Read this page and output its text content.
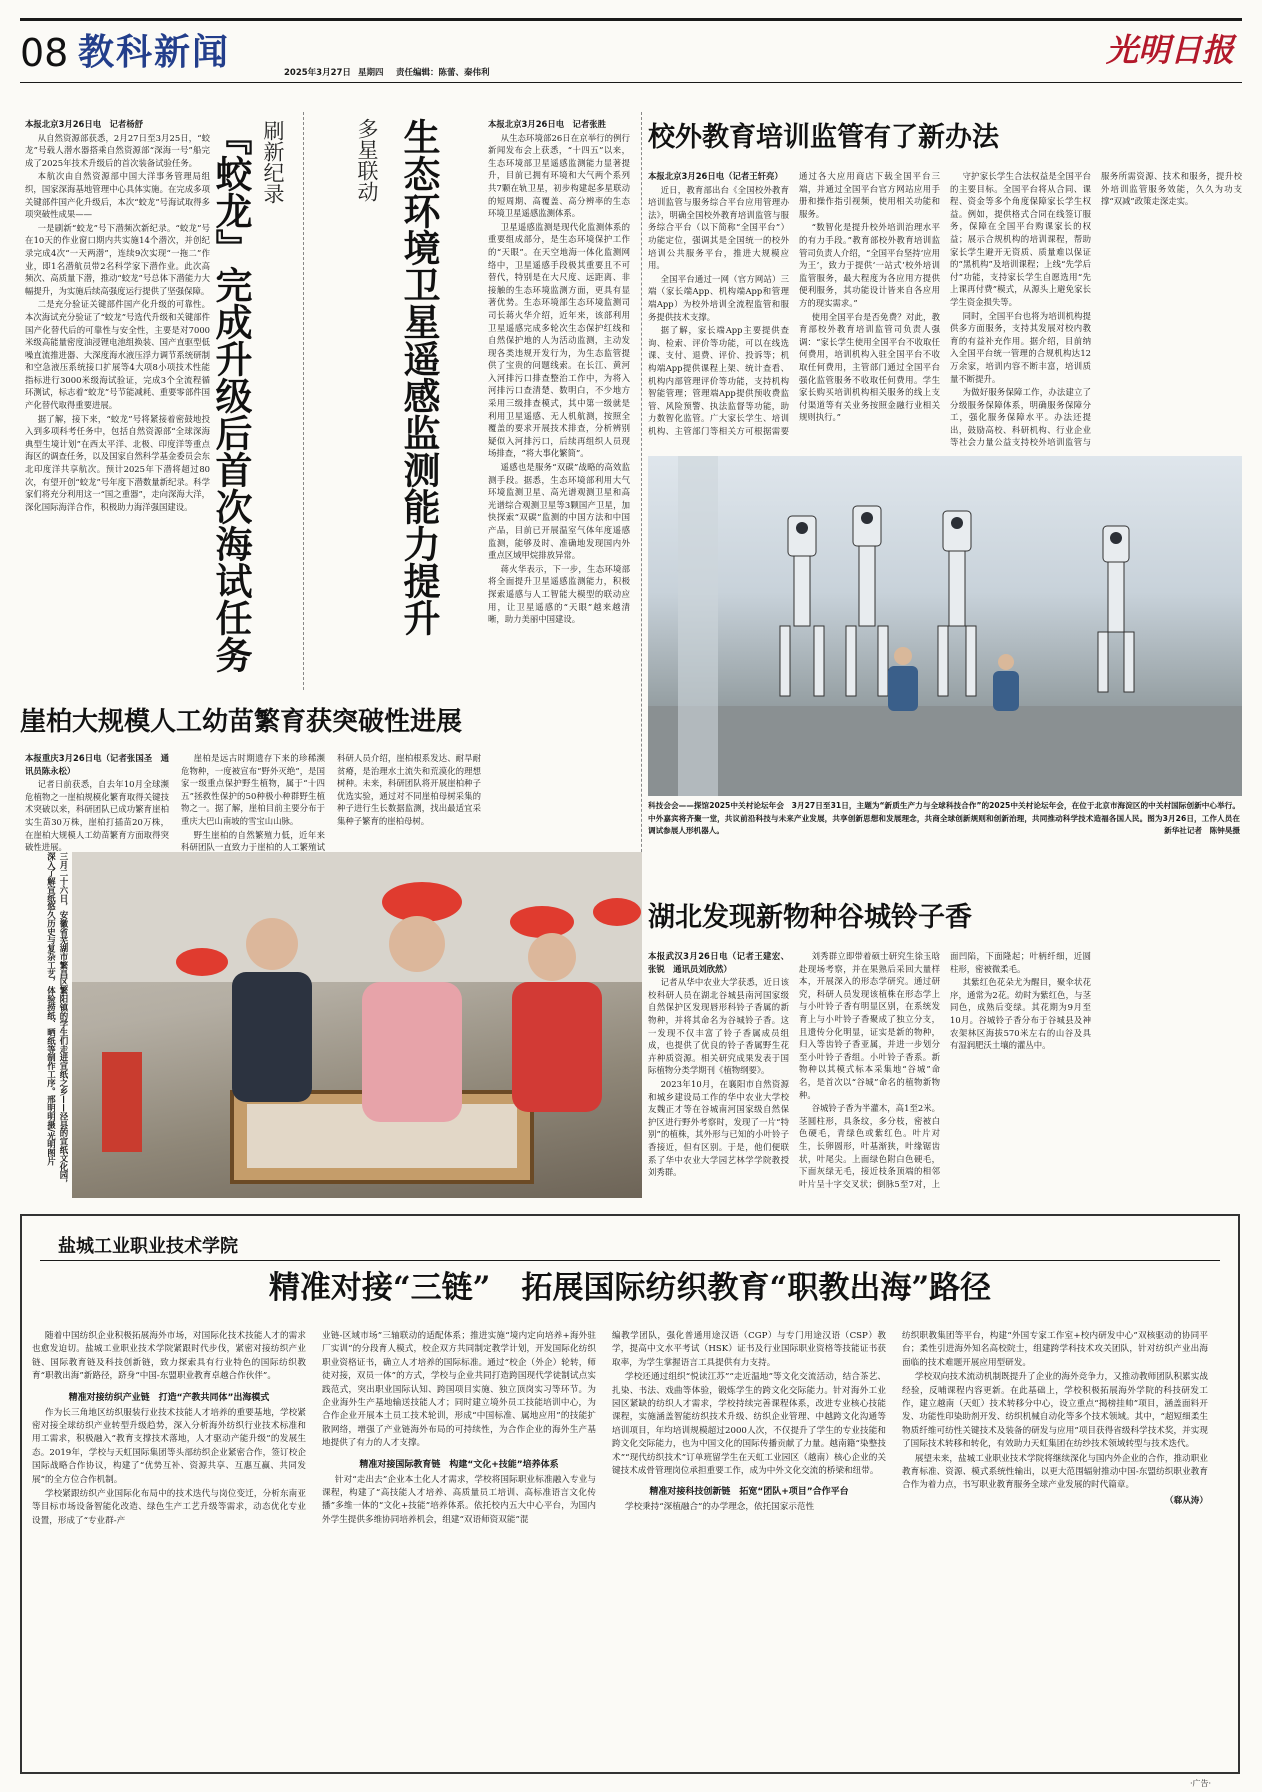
08 教科新闻	2025年3月27日 星期四 责任编辑：陈蕾、秦伟利
光明日报

本报北京3月26日电　记者杨舒

从自然资源部获悉，2月27日至3月25日，“蛟龙”号载人潜水器搭乘自然资源部“深海一号”船完成了2025年技术升级后的首次装备试验任务。

本航次由自然资源部中国大洋事务管理局组织，国家深海基地管理中心具体实施。在完成多项关键部件国产化升级后，本次“蛟龙”号海试取得多项突破性成果——

一是刷新“蛟龙”号下潜频次新纪录。“蛟龙”号在10天的作业窗口期内共实施14个潜次，并创纪录完成4次“一天两潜”，连续9次实现“一拖二”作业，即1名潜航员带2名科学家下潜作业。此次高频次、高质量下潜，推动“蛟龙”号总体下潜能力大幅提升，为实施后续高强度运行提供了坚强保障。

二是充分验证关键部件国产化升级的可靠性。本次海试充分验证了“蛟龙”号选代升级和关键部件国产化替代后的可靠性与安全性，主要是对7000米级高能量密度油浸锂电池组换装、国产直驱型低噪直流推进器、大深度海水液压浮力调节系统研制和空急液压系统接口扩展等4大项8小项技术性能指标进行3000米级海试验证，完成3个全流程循环测试，标志着“蛟龙”号节能减耗、重要零部件国产化替代取得重要进展。

据了解，接下来，“蛟龙”号将紧接着密鼓地投入到多项科考任务中，包括自然资源部“全球深海典型生境计划”在西太平洋、北极、印度洋等重点海区的调查任务，以及国家自然科学基金委员会东北印度洋共享航次。预计2025年下潜将超过80次，有望开创“蛟龙”号年度下潜数量新纪录。科学家们将充分利用这一“国之重器”，走向深海大洋，深化国际海洋合作，积极助力海洋强国建设。

刷新纪录
『蛟龙』完成升级后首次海试任务	多星联动 生态环境卫星遥感监测能力提升	本报北京3月26日电　记者张胜

从生态环境部26日在京举行的例行新闻发布会上获悉，“十四五”以来，生态环境部卫星遥感监测能力显著提升，目前已拥有环境和大气两个系列共7颗在轨卫星，初步构建起多星联动的短周期、高覆盖、高分辨率的生态环境卫星遥感监测体系。

卫星遥感监测是现代化监测体系的重要组成部分，是生态环境保护工作的“天眼”。在天空地海一体化监测网络中，卫星遥感手段极其重要且不可替代，特别是在大尺度、远距离、非接触的生态环境监测方面，更具有显著优势。生态环境部生态环境监测司司长蒋火华介绍，近年来，该部利用卫星遥感完成多轮次生态保护红线和自然保护地的人为活动监测，主动发现各类违规开发行为，为生态监管提供了宝贵的问题线索。在长江、黄河入河排污口排查整治工作中，为将入河排污口查清楚、数明白，不少地方采用三级排查模式，其中第一级就是利用卫星遥感、无人机航测，按照全覆盖的要求开展技术排查，分析辨别疑似入河排污口，后续再组织人员现场排查，“将大事化繁简”。

遥感也是服务“双碳”战略的高效监测手段。据悉，生态环境部利用大气环境监测卫星、高光谱观测卫星和高光谱综合观测卫星等3颗国产卫星，加快探索“双碳”监测的中国方法和中国产品，目前已开展温室气体年度遥感监测，能够及时、准确地发现国内外重点区域甲烷排放异常。

蒋火华表示，下一步，生态环境部将全面提升卫星遥感监测能力，积极探索遥感与人工智能大模型的联动应用，让卫星遥感的“天眼”越来越清晰，助力美丽中国建设。

校外教育培训监管有了新办法

本报北京3月26日电（记者王轩亮）

近日，教育部出台《全国校外教育培训监管与服务综合平台应用管理办法》，明确全国校外教育培训监管与服务综合平台（以下简称“全国平台”）功能定位，强调其是全国统一的校外培训公共服务平台，推进大规模应用。

全国平台通过一网（官方网站）三端（家长端App、机构端App和管理端App）为校外培训全流程监管和服务提供技术支撑。

据了解，家长端App主要提供查询、检索、评价等功能，可以在线选课、支付、退费、评价、投诉等；机构端App提供课程上架、统计查看、机构内部管理评价等功能，支持机构智能管理；管理端App提供预收费监管、风险预警、执法监督等功能，助力数智化监管。广大家长学生、培训机构、主管部门等相关方可根据需要通过各大应用商店下载全国平台三端，并通过全国平台官方网站应用手册和操作指引视频，使用相关功能和服务。

“数智化是提升校外培训治理水平的有力手段。”教育部校外教育培训监管司负责人介绍，“全国平台坚持‘应用为王’，致力于提供‘一站式’校外培训监管服务，最大程度为各应用方提供便利服务，其功能设计皆来自各应用方的现实需求。”

使用全国平台是否免费？对此，教育部校外教育培训监管司负责人强调：“家长学生使用全国平台不收取任何费用，培训机构入驻全国平台不收取任何费用，主管部门通过全国平台强化监管服务不收取任何费用。学生家长购买培训机构相关服务的线上支付渠道等有关业务按照金融行业相关规则执行。”

守护家长学生合法权益是全国平台的主要目标。全国平台将从合同、课程、资金等多个角度保障家长学生权益。例如，提供格式合同在线签订服务，保障在全国平台购课家长的权益；展示合规机构的培训课程，帮助家长学生避开无资质、质量难以保证的“黑机构”及培训课程；上线“先学后付”功能，支持家长学生自愿选用“先上课再付费”模式，从源头上避免家长学生资金损失等。

同时，全国平台也将为培训机构提供多方面服务，支持其发展对校内教育的有益补充作用。据介绍，目前纳入全国平台统一管理的合规机构达12万余家，培训内容不断丰富，培训质量不断提升。

为做好服务保障工作，办法建立了分级服务保障体系，明确服务保障分工，强化服务保障水平。办法还提出，鼓励高校、科研机构、行业企业等社会力量公益支持校外培训监管与服务所需资源、技术和服务，提升校外培训监管服务效能，久久为功支撑“双减”政策走深走实。

科技会会——探馆2025中关村论坛年会　3月27日至31日，主题为“新质生产力与全球科技合作”的2025中关村论坛年会，在位于北京市海淀区的中关村国际创新中心举行。中外嘉宾将齐聚一堂，共议前沿科技与未来产业发展，共享创新思想和发展理念，共商全球创新规则和创新治理，共同推动科学技术造福各国人民。图为3月26日，工作人员在调试参展人形机器人。	新华社记者　陈钟昊摄
崖柏大规模人工幼苗繁育获突破性进展

本报重庆3月26日电（记者张国圣　通讯员陈永松）

记者日前获悉，自去年10月全球濒危植物之一崖柏规模化繁育取得关键技术突破以来，科研团队已成功繁育崖柏实生苗30万株，崖柏打插苗20万株，在崖柏大规模人工幼苗繁育方面取得突破性进展。

崖柏是远古时期遗存下来的珍稀濒危物种，一度被宣布“野外灭绝”，是国家一级重点保护野生植物，属于“十四五”拯救性保护的50种极小种群野生植物之一。据了解，崖柏目前主要分布于重庆大巴山南坡的雪宝山山脉。

野生崖柏的自然繁殖力低，近年来科研团队一直致力于崖柏的人工繁殖试 科研人员介绍，崖柏根系发达、耐旱耐贫瘠，是治理水土流失和荒漠化的理想树种。未来，科研团队将开展崖柏种子优选实验，通过对不同崖柏母树采集的种子进行生长数据监测，找出最适宜采集种子繁育的崖柏母树。

三月二十六日，安徽省芜湖市繁昌区繁阳镇的学生们走进宣纸之乡——泾县的宣纸文化园，深入了解宣纸悠久历史与复杂工艺，体验捞纸、晒纸等制作工序。邢明明摄/光明图片
湖北发现新物种谷城铃子香

本报武汉3月26日电（记者王建宏、张锐　通讯员刘欣然）

记者从华中农业大学获悉，近日该校科研人员在湖北谷城县南河国家级自然保护区发现唇形科铃子香属的新物种，并将其命名为谷城铃子香。这一发现不仅丰富了铃子香属成员组成，也提供了优良的铃子香属野生花卉种质资源。相关研究成果发表于国际植物分类学期刊《植物纲要》。

2023年10月，在襄阳市自然资源和城乡建设局工作的华中农业大学校友魏正才等在谷城南河国家级自然保护区进行野外考察时，发现了一片“特别”的植株，其外形与已知的小叶铃子香接近，但有区别。于是，他们便联系了华中农业大学园艺林学学院教授刘秀群。

刘秀群立即带着硕士研究生徐玉晗赴现场考察，并在果熟后采回大量样本，开展深入的形态学研究。通过研究，科研人员发现该植株在形态学上与小叶铃子香有明显区别，在系统发育上与小叶铃子香聚成了独立分支，且遗传分化明显，证实是新的物种，归入等齿铃子香亚属，并进一步划分至小叶铃子香组。小叶铃子香系。新物种以其模式标本采集地“谷城”命名，是首次以“谷城”命名的植物新物种。

谷城铃子香为半灌木，高1至2米。茎圆柱形，具条纹，多分枝，密被白色硬毛，青绿色或紫红色。叶片对生，长卵圆形，叶基渐狭，叶缘锯齿状，叶尾尖。上面绿色附白色硬毛，下面灰绿无毛，接近枝条顶端的相邻叶片呈十字交叉状；倒脉5至7对，上面凹陷，下面隆起；叶柄纤细，近圆柱形，密被微柔毛。

其紫红色花朵尤为醒目，聚伞状花序，通常为2花。幼时为紫红色，与茎同色，成熟后变绿。其花期为9月至10月。谷城铃子香分布于谷城县及神农架林区海拔570米左右的山谷及具有湿润肥沃土壤的灌丛中。

盐城工业职业技术学院
精准对接“三链”　拓展国际纺织教育“职教出海”路径

随着中国纺织企业积极拓展海外市场，对国际化技术技能人才的需求也愈发迫切。盐城工业职业技术学院紧跟时代步伐，紧密对接纺织产业链、国际教育链及科技创新链，致力探索具有行业特色的国际纺织教育“职教出海”新路径，跻身“中国-东盟职业教育卓越合作伙伴”。

精准对接纺织产业链　打造“产教共同体”出海模式

作为长三角地区纺织服装行业技术技能人才培养的重要基地，学校紧密对接全球纺织产业转型升级趋势，深入分析海外纺织行业技术标准和用工需求，积极融入“教育支撑技术落地，人才驱动产能升级”的发展生态。2019年，学校与天虹国际集团等头部纺织企业紧密合作，签订校企国际战略合作协议，构建了“优势互补、资源共享、互惠互赢、共同发展”的全方位合作机制。

学校紧跟纺织产业国际化布局中的技术迭代与岗位变迁，分析东南亚等目标市场设备智能化改造、绿色生产工艺升级等需求，动态优化专业设置，形成了“专业群-产

业链-区域市场”三轴联动的适配体系；推进实施“境内定向培养+海外驻厂实训”的分段育人模式，校企双方共同制定教学计划，开发国际化纺织职业资格证书，确立人才培养的国际标准。通过“校企（外企）轮转，师徒对接，双员一体”的方式，学校与企业共同打造跨国现代学徒制试点实践范式，突出职业国际认知、跨国项目实施、独立顶岗实习等环节。为企业海外生产基地输送技能人才；同时建立境外员工技能培训中心，为合作企业开展本土员工技术轮训，形成“中国标准、属地应用”的技能扩散网络，增强了产业链海外布局的可持续性，为合作企业的海外生产基地提供了有力的人才支撑。

精准对接国际教育链　构建“文化+技能”培养体系

针对“走出去”企业本土化人才需求，学校将国际职业标准融入专业与课程，构建了“高技能人才培养、高质量员工培训、高标准语言文化传播”多维一体的“文化+技能”培养体系。依托校内五大中心平台，为国内外学生提供多维协同培养机会，组建“双语师资双能”混

编教学团队，强化普通用途汉语（CGP）与专门用途汉语（CSP）教学，提高中文水平考试（HSK）证书及行业国际职业资格等技能证书获取率，为学生掌握语言工具提供有力支持。

学校还通过组织“悦读江苏”“走近温地”等文化交流活动，结合茶艺、扎染、书法、戏曲等体验，锻炼学生的跨文化交际能力。针对海外工业园区紧缺的纺织人才需求，学校持续完善课程体系，改进专业核心技能课程，实施涵盖智能纺织技术升级、纺织企业管理、中越跨文化沟通等培训项目，年均培训规模超过2000人次，不仅提升了学生的专业技能和跨文化交际能力，也为中国文化的国际传播贡献了力量。越南籍“染整技术”“现代纺织技术”订单班留学生在天虹工业园区（越南）核心企业的关键技术成骨管理岗位承担重要工作，成为中外文化交流的桥梁和纽带。

精准对接科技创新链　拓宽“团队+项目”合作平台

学校秉持“深植融合”的办学理念，依托国家示范性

纺织职教集团等平台，构建“外国专家工作室+校内研发中心”双核驱动的协同平台；柔性引进海外知名高校院士，组建跨学科技术攻关团队，针对纺织产业出海面临的技术难题开展应用型研发。

学校双向技术流动机制既提升了企业的海外竞争力，又推动教师团队积累实战经验，反哺课程内容更新。在此基础上，学校积极拓展海外学院的科技研发工作，建立越南（天虹）技术转移分中心，设立重点“揭榜挂帅”项目，涵盖面料开发、功能性印染助剂开发、纺织机械自动化等多个技术领域。其中，“超短细柔生物质纤维可纺性关键技术及装备的研发与应用”项目获得省级科学技术奖，并实现了国际技术转移和转化，有效助力天虹集团在纺纱技术领域转型与技术迭代。

展望未来，盐城工业职业技术学院将继续深化与国内外企业的合作，推动职业教育标准、资源、模式系统性输出，以更大范围辐射推动中国-东盟纺织职业教育合作为着力点，书写职业教育服务全球产业发展的时代篇章。

（郗从涛）
·广告·
